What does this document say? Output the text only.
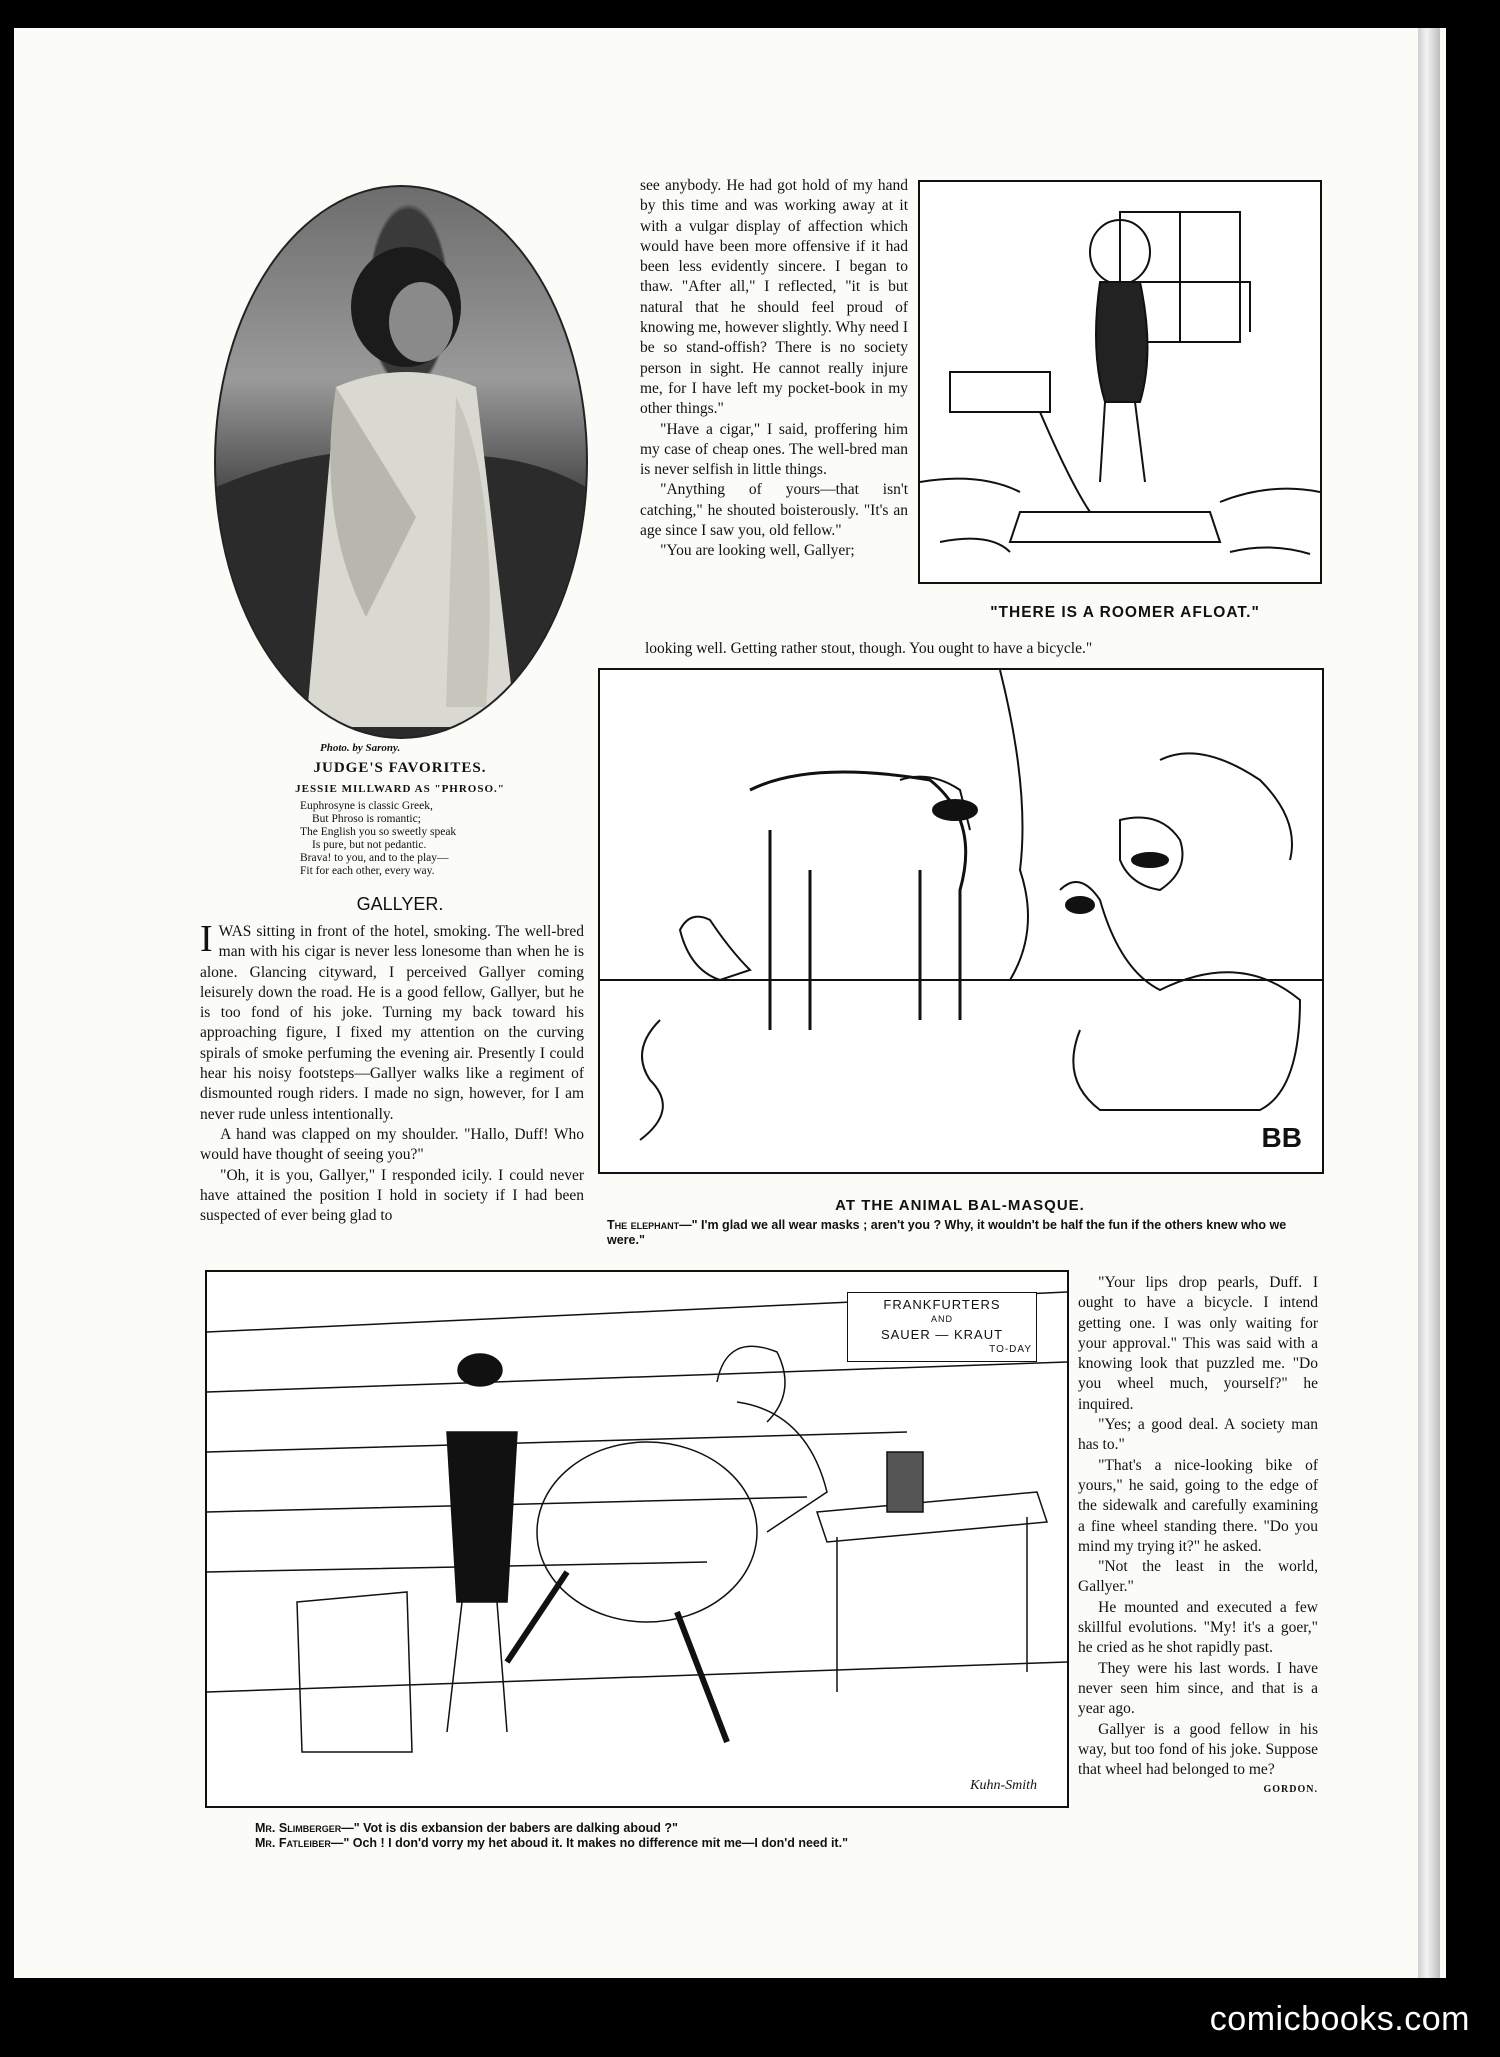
Photo. by Sarony.
JUDGE'S FAVORITES.
JESSIE MILLWARD AS "PHROSO."
Euphrosyne is classic Greek,
But Phroso is romantic;
The English you so sweetly speak
Is pure, but not pedantic.
Brava! to you, and to the play—
Fit for each other, every way.
GALLYER.

IWAS sitting in front of the hotel, smoking. The well-bred man with his cigar is never less lonesome than when he is alone. Glancing cityward, I perceived Gallyer coming leisurely down the road. He is a good fellow, Gallyer, but he is too fond of his joke. Turning my back toward his approaching figure, I fixed my attention on the curving spirals of smoke perfuming the evening air. Presently I could hear his noisy footsteps—Gallyer walks like a regiment of dismounted rough riders. I made no sign, however, for I am never rude unless intentionally.

A hand was clapped on my shoulder. "Hallo, Duff! Who would have thought of seeing you?"

"Oh, it is you, Gallyer," I responded icily. I could never have attained the position I hold in society if I had been suspected of ever being glad to

see anybody. He had got hold of my hand by this time and was working away at it with a vulgar display of affection which would have been more offensive if it had been less evidently sincere. I began to thaw. "After all," I reflected, "it is but natural that he should feel proud of knowing me, however slightly. Why need I be so stand-offish? There is no society person in sight. He cannot really injure me, for I have left my pocket-book in my other things."

"Have a cigar," I said, proffering him my case of cheap ones. The well-bred man is never selfish in little things.

"Anything of yours—that isn't catching," he shouted boisterously. "It's an age since I saw you, old fellow."

"You are looking well, Gallyer;

looking well. Getting rather stout, though. You ought to have a bicycle."
"THERE IS A ROOMER AFLOAT."
BB
AT THE ANIMAL BAL-MASQUE.
The elephant—" I'm glad we all wear masks ; aren't you ? Why, it wouldn't be half the fun if the others knew who we were."
FRANKFURTERS
AND
SAUER — KRAUT
TO-DAY
Kuhn-Smith
Mr. Slimberger—" Vot is dis exbansion der babers are dalking aboud ?"
Mr. Fatleiber—" Och ! I don'd vorry my het aboud it. It makes no difference mit me—I don'd need it."

"Your lips drop pearls, Duff. I ought to have a bicycle. I intend getting one. I was only waiting for your approval." This was said with a knowing look that puzzled me. "Do you wheel much, yourself?" he inquired.

"Yes; a good deal. A society man has to."

"That's a nice-looking bike of yours," he said, going to the edge of the sidewalk and carefully examining a fine wheel standing there. "Do you mind my trying it?" he asked.

"Not the least in the world, Gallyer."

He mounted and executed a few skillful evolutions. "My! it's a goer," he cried as he shot rapidly past.

They were his last words. I have never seen him since, and that is a year ago.

Gallyer is a good fellow in his way, but too fond of his joke. Suppose that wheel had belonged to me?

GORDON.
comicbooks.com
